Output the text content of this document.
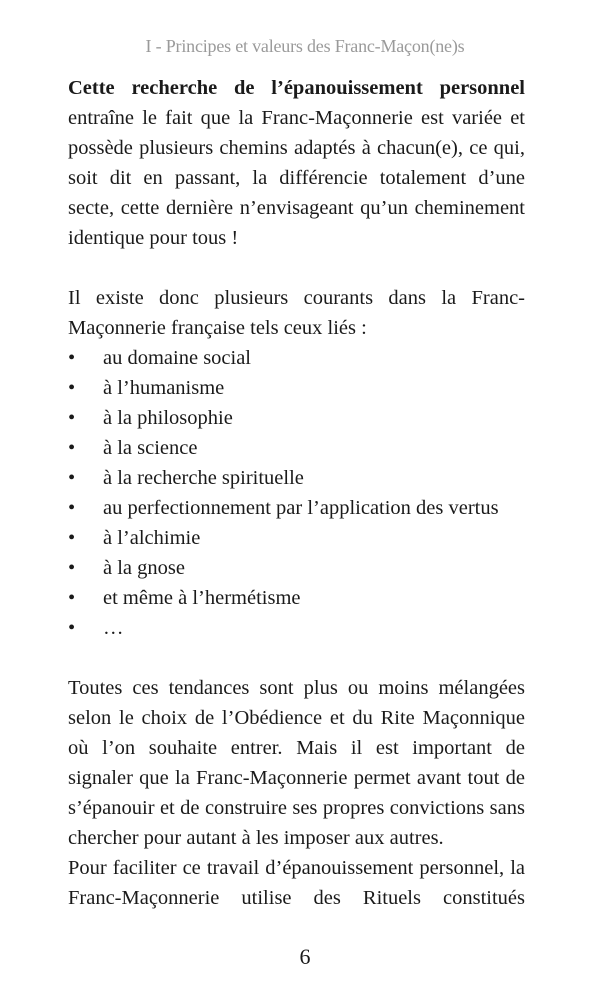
I - Principes et valeurs des Franc-Maçon(ne)s

Cette recherche de l’épanouissement personnel entraîne le fait que la Franc-Maçonnerie est variée et possède plusieurs chemins adaptés à chacun(e), ce qui, soit dit en passant, la différencie totalement d’une secte, cette dernière n’envisageant qu’un cheminement identique pour tous !

Il existe donc plusieurs courants dans la Franc-Maçonnerie française tels ceux liés :

• au domaine social
• à l’humanisme
• à la philosophie
• à la science
• à la recherche spirituelle
• au perfectionnement par l’application des vertus
• à l’alchimie
• à la gnose
• et même à l’hermétisme
• …

Toutes ces tendances sont plus ou moins mélangées selon le choix de l’Obédience et du Rite Maçonnique où l’on souhaite entrer. Mais il est important de signaler que la Franc-Maçonnerie permet avant tout de s’épanouir et de construire ses propres convictions sans chercher pour autant à les imposer aux autres.

Pour faciliter ce travail d’épanouissement personnel, la Franc-Maçonnerie utilise des Rituels constitués

6
